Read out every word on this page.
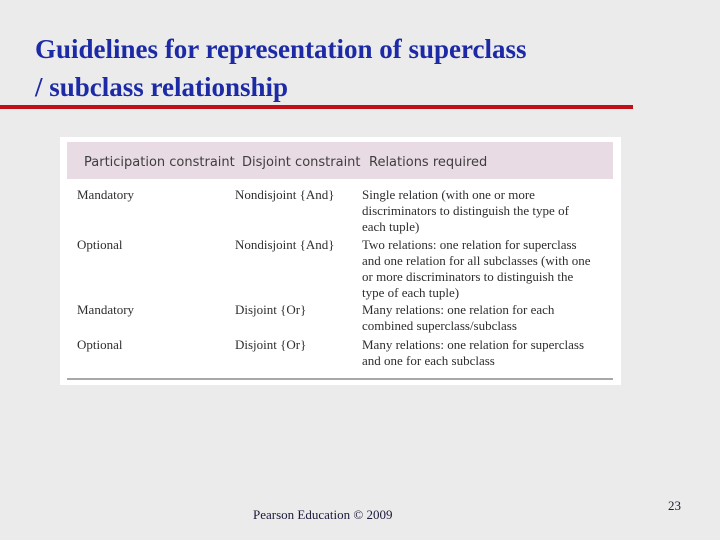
Guidelines for representation of superclass
/ subclass relationship
Participation constraint Disjoint constraint Relations required
Mandatory	Nondisjoint {And} Single relation (with one or more
discriminators to distinguish the type of
each tuple)
Optional	Nondisjoint {And} Two relations: one relation for superclass
and one relation for all subclasses (with one
or more discriminators to distinguish the
type of each tuple)
Mandatory	Disjoint {Or}	Many relations: one relation for each
combined superclass/subclass
Optional	Disjoint {Or}	Many relations: one relation for superclass
and one for each subclass
Pearson Education © 2009
23
